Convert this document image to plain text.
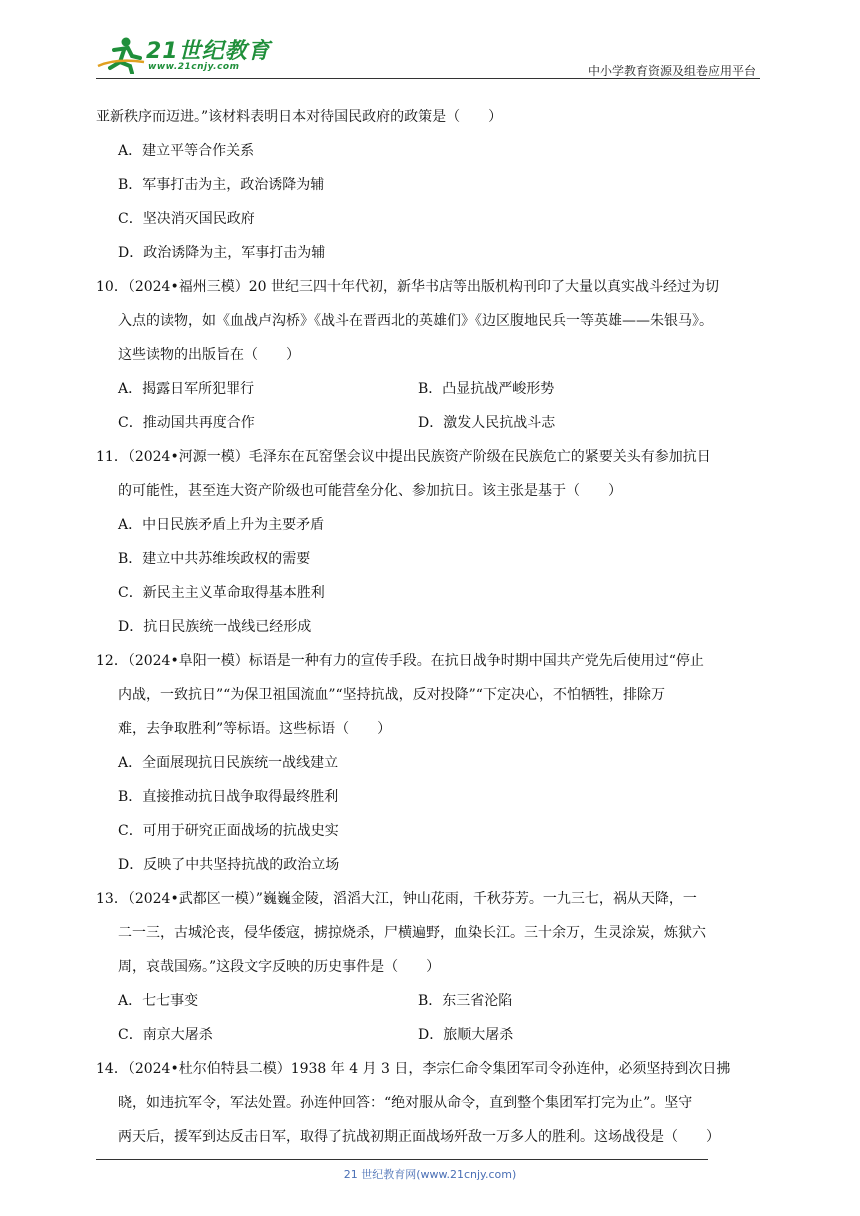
21世纪教育
www.21cnjy.com	中小学教育资源及组卷应用平台
亚新秩序而迈进。”该材料表明日本对待国民政府的政策是（　　）
A．建立平等合作关系
B．军事打击为主，政治诱降为辅
C．坚决消灭国民政府
D．政治诱降为主，军事打击为辅
10．（2024•福州三模）20 世纪三四十年代初，新华书店等出版机构刊印了大量以真实战斗经过为切
入点的读物，如《血战卢沟桥》《战斗在晋西北的英雄们》《边区腹地民兵一等英雄——朱银马》。
这些读物的出版旨在（　　）
A．揭露日军所犯罪行	B．凸显抗战严峻形势
C．推动国共再度合作	D．激发人民抗战斗志
11．（2024•河源一模）毛泽东在瓦窑堡会议中提出民族资产阶级在民族危亡的紧要关头有参加抗日
的可能性，甚至连大资产阶级也可能营垒分化、参加抗日。该主张是基于（　　）
A．中日民族矛盾上升为主要矛盾
B．建立中共苏维埃政权的需要
C．新民主主义革命取得基本胜利
D．抗日民族统一战线已经形成
12．（2024•阜阳一模）标语是一种有力的宣传手段。在抗日战争时期中国共产党先后使用过“停止
内战，一致抗日”“为保卫祖国流血”“坚持抗战，反对投降”“下定决心，不怕牺牲，排除万
难，去争取胜利”等标语。这些标语（　　）
A．全面展现抗日民族统一战线建立
B．直接推动抗日战争取得最终胜利
C．可用于研究正面战场的抗战史实
D．反映了中共坚持抗战的政治立场
13．（2024•武都区一模）”巍巍金陵，滔滔大江，钟山花雨，千秋芬芳。一九三七，祸从天降，一
二一三，古城沦丧，侵华倭寇，掳掠烧杀，尸横遍野，血染长江。三十余万，生灵涂炭，炼狱六
周，哀哉国殇。”这段文字反映的历史事件是（　　）
A．七七事变	B．东三省沦陷
C．南京大屠杀	D．旅顺大屠杀
14．（2024•杜尔伯特县二模）1938 年 4 月 3 日，李宗仁命令集团军司令孙连仲，必须坚持到次日拂
晓，如违抗军令，军法处置。孙连仲回答：“绝对服从命令，直到整个集团军打完为止”。坚守
两天后，援军到达反击日军，取得了抗战初期正面战场歼敌一万多人的胜利。这场战役是（　　）
21 世纪教育网(www.21cnjy.com)
